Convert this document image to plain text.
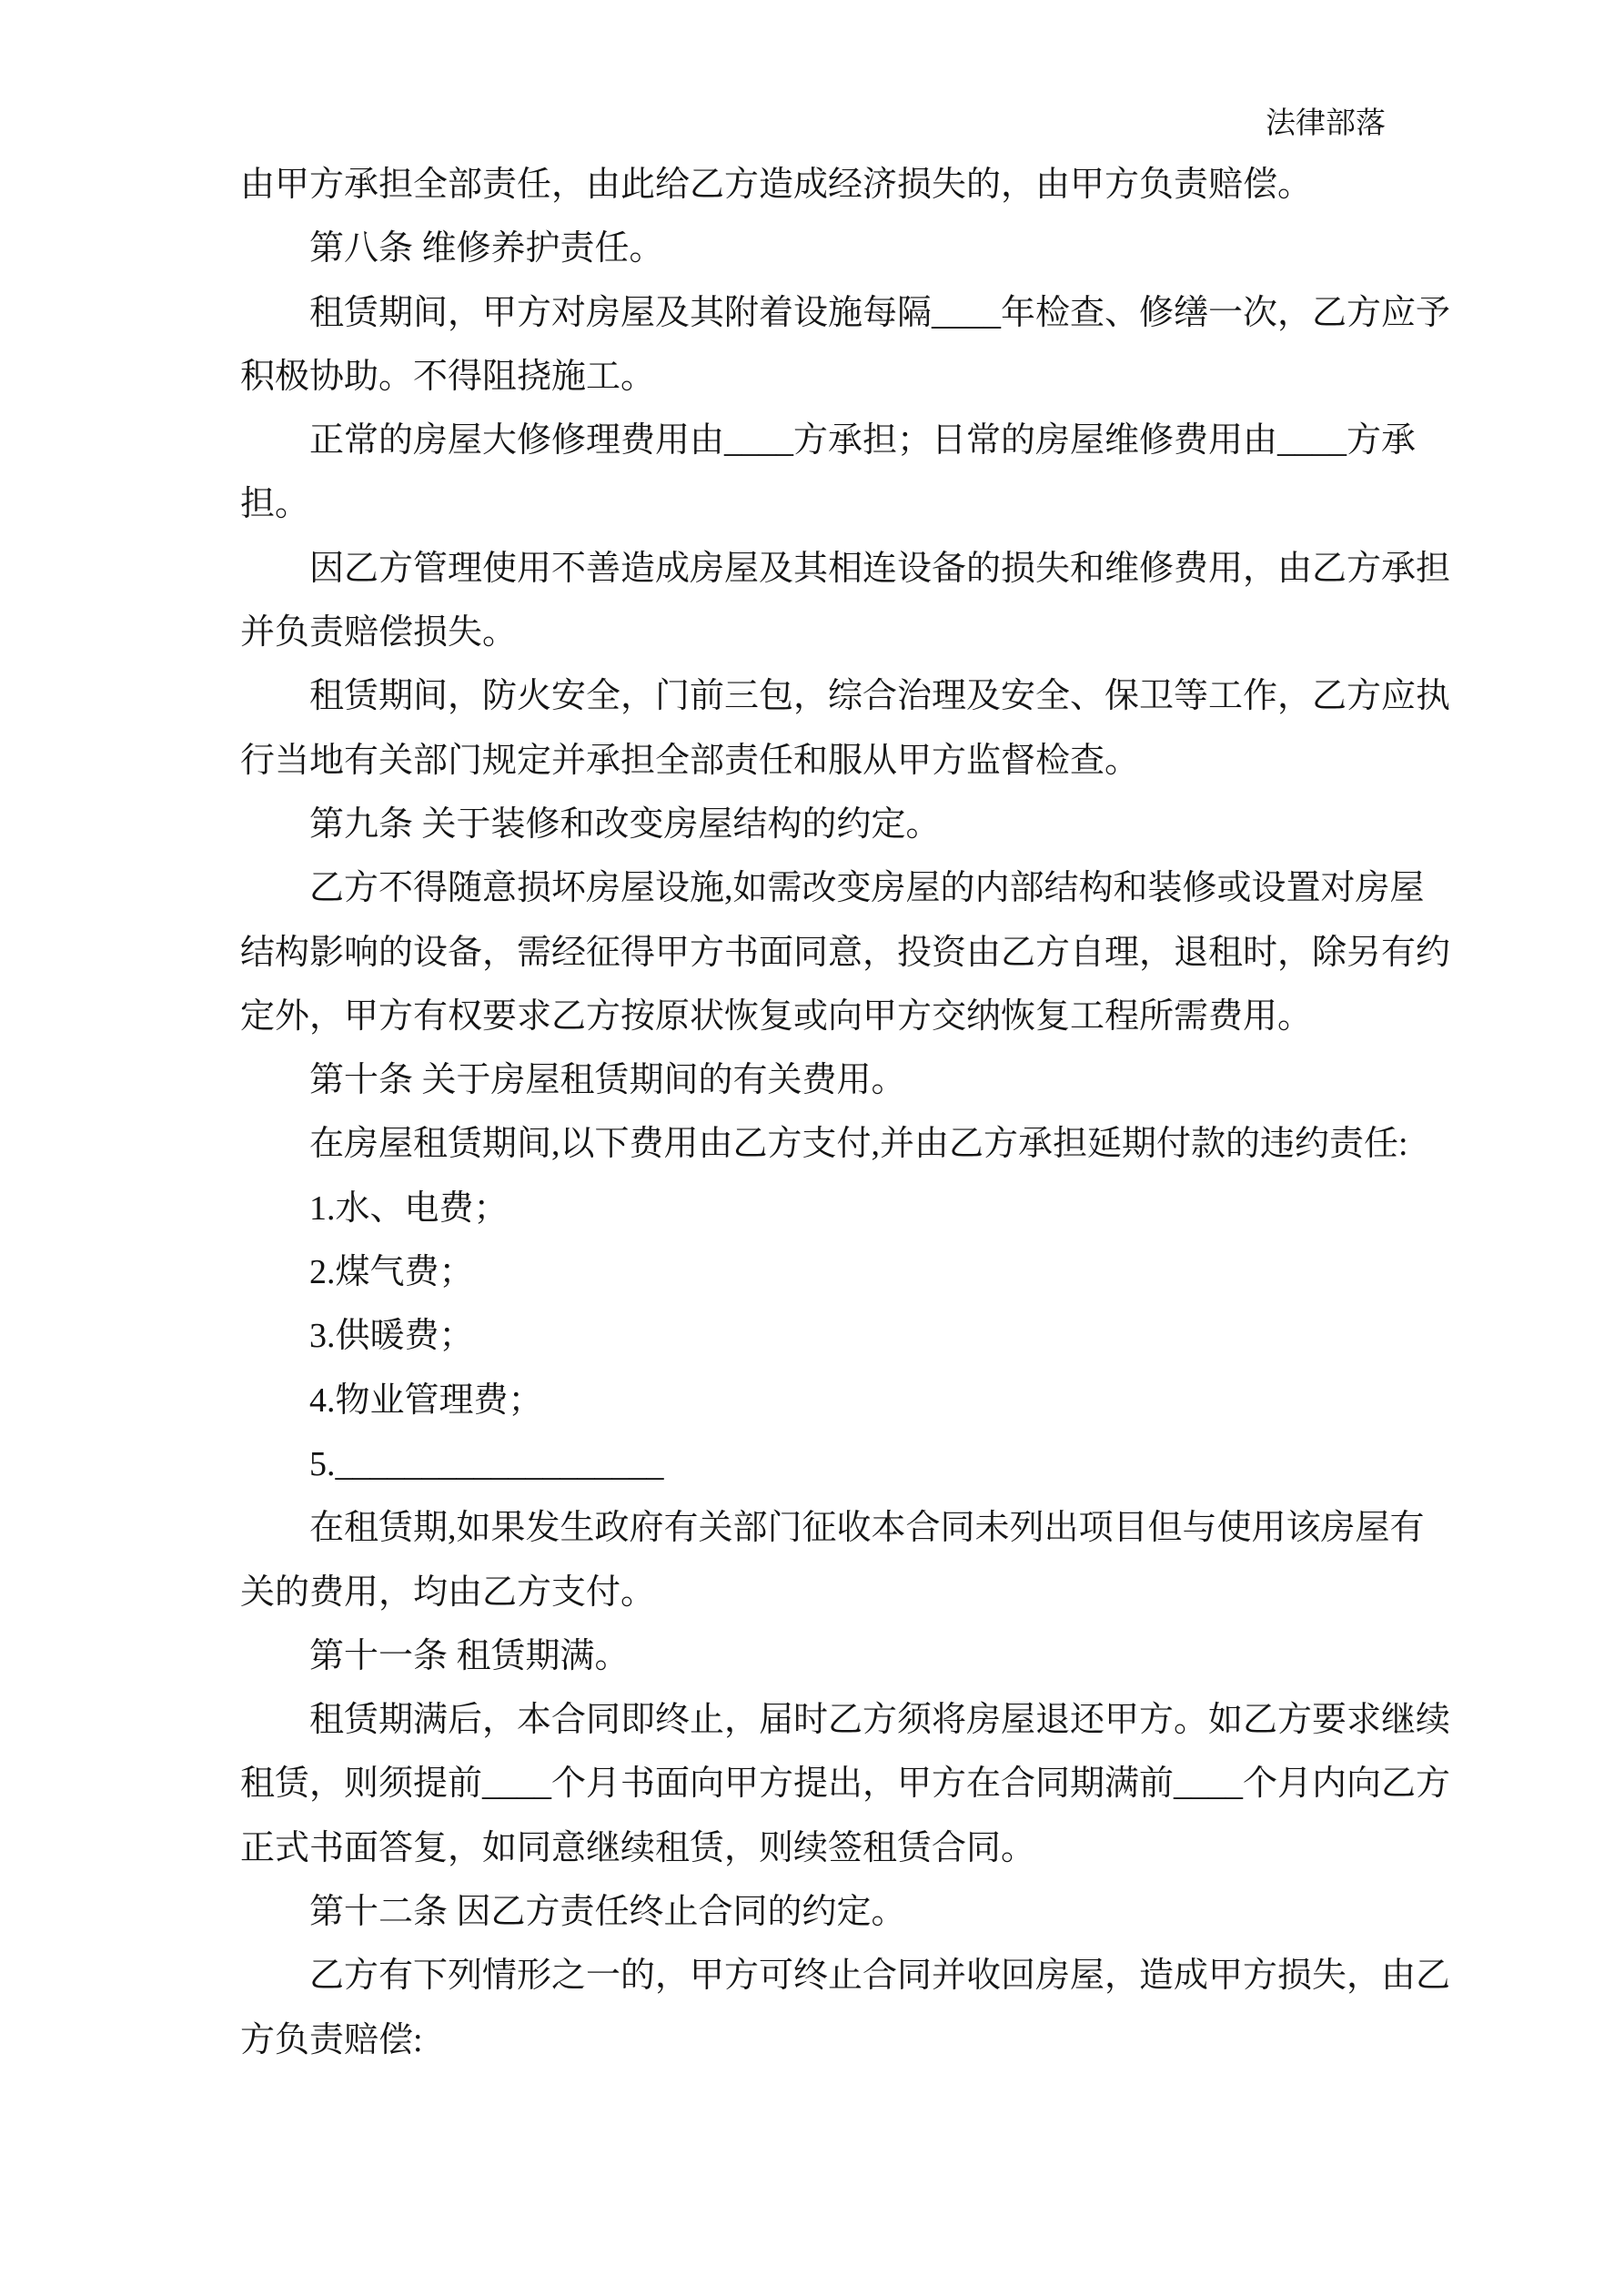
法律部落
由甲方承担全部责任，由此给乙方造成经济损失的，由甲方负责赔偿。
第八条 维修养护责任。
租赁期间，甲方对房屋及其附着设施每隔____年检查、修缮一次，乙方应予
积极协助。不得阻挠施工。
正常的房屋大修修理费用由____方承担；日常的房屋维修费用由____方承
担。
因乙方管理使用不善造成房屋及其相连设备的损失和维修费用，由乙方承担
并负责赔偿损失。
租赁期间，防火安全，门前三包，综合治理及安全、保卫等工作，乙方应执
行当地有关部门规定并承担全部责任和服从甲方监督检查。
第九条 关于装修和改变房屋结构的约定。
乙方不得随意损坏房屋设施,如需改变房屋的内部结构和装修或设置对房屋
结构影响的设备，需经征得甲方书面同意，投资由乙方自理，退租时，除另有约
定外，甲方有权要求乙方按原状恢复或向甲方交纳恢复工程所需费用。
第十条 关于房屋租赁期间的有关费用。
在房屋租赁期间,以下费用由乙方支付,并由乙方承担延期付款的违约责任:
1.水、电费；
2.煤气费；
3.供暖费；
4.物业管理费；
5.___________________
在租赁期,如果发生政府有关部门征收本合同未列出项目但与使用该房屋有
关的费用，均由乙方支付。
第十一条 租赁期满。
租赁期满后，本合同即终止，届时乙方须将房屋退还甲方。如乙方要求继续
租赁，则须提前____个月书面向甲方提出，甲方在合同期满前____个月内向乙方
正式书面答复，如同意继续租赁，则续签租赁合同。
第十二条 因乙方责任终止合同的约定。
乙方有下列情形之一的，甲方可终止合同并收回房屋，造成甲方损失，由乙
方负责赔偿:
